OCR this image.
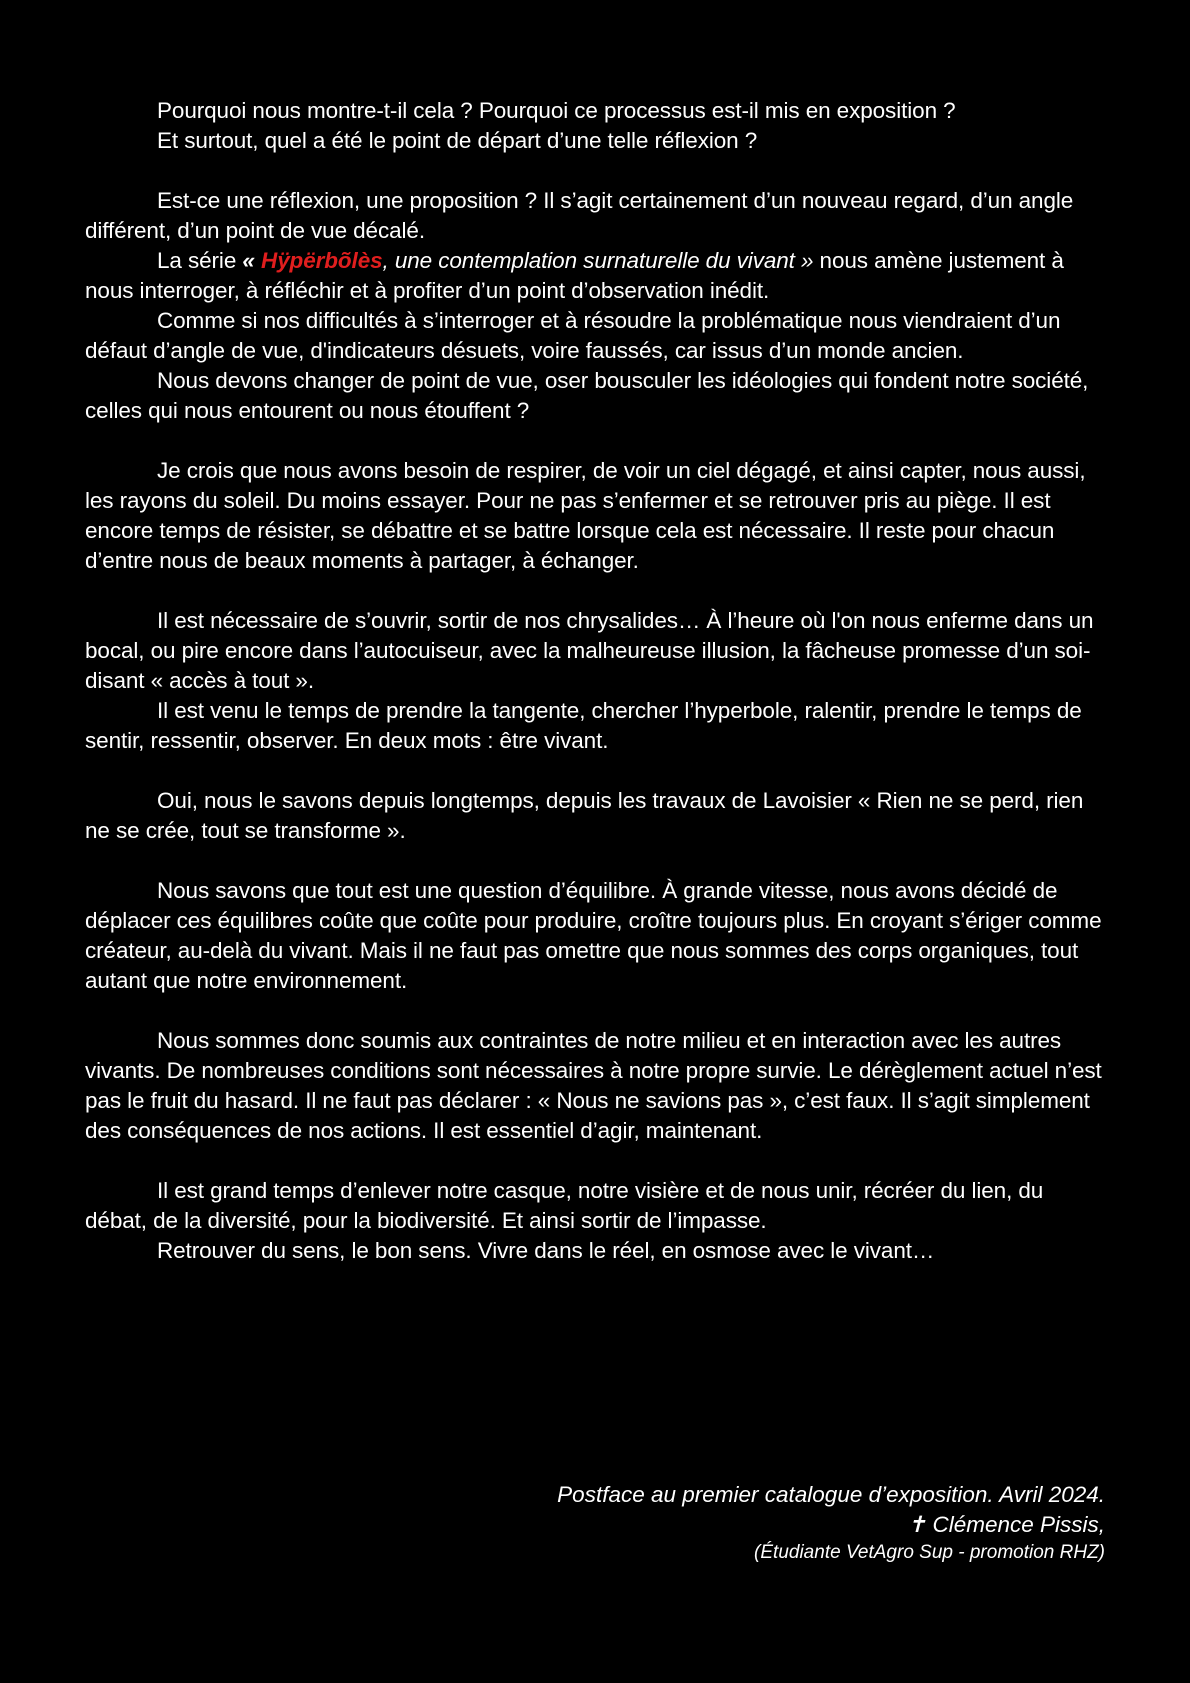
Pourquoi nous montre-t-il cela ? Pourquoi ce processus est-il mis en exposition ?

Et surtout, quel a été le point de départ d’une telle réflexion ?

Est-ce une réflexion, une proposition ? Il s’agit certainement d’un nouveau regard, d’un angle différent, d’un point de vue décalé.

La série « Hÿpërbõlès, une contemplation surnaturelle du vivant » nous amène justement à nous interroger, à réfléchir et à profiter d’un point d’observation inédit.

Comme si nos difficultés à s’interroger et à résoudre la problématique nous viendraient d’un défaut d’angle de vue, d'indicateurs désuets, voire faussés, car issus d’un monde ancien.

Nous devons changer de point de vue, oser bousculer les idéologies qui fondent notre société, celles qui nous entourent ou nous étouffent ?

Je crois que nous avons besoin de respirer, de voir un ciel dégagé, et ainsi capter, nous aussi, les rayons du soleil. Du moins essayer. Pour ne pas s’enfermer et se retrouver pris au piège. Il est encore temps de résister, se débattre et se battre lorsque cela est nécessaire. Il reste pour chacun d’entre nous de beaux moments à partager, à échanger.

Il est nécessaire de s’ouvrir, sortir de nos chrysalides… À l’heure où l'on nous enferme dans un bocal, ou pire encore dans l’autocuiseur, avec la malheureuse illusion, la fâcheuse promesse d’un soi-disant « accès à tout ».

Il est venu le temps de prendre la tangente, chercher l’hyperbole, ralentir, prendre le temps de sentir, ressentir, observer. En deux mots : être vivant.

Oui, nous le savons depuis longtemps, depuis les travaux de Lavoisier « Rien ne se perd, rien ne se crée, tout se transforme ».

Nous savons que tout est une question d’équilibre. À grande vitesse, nous avons décidé de déplacer ces équilibres coûte que coûte pour produire, croître toujours plus. En croyant s’ériger comme créateur, au-delà du vivant. Mais il ne faut pas omettre que nous sommes des corps organiques, tout autant que notre environnement.

Nous sommes donc soumis aux contraintes de notre milieu et en interaction avec les autres vivants. De nombreuses conditions sont nécessaires à notre propre survie. Le dérèglement actuel n’est pas le fruit du hasard. Il ne faut pas déclarer : « Nous ne savions pas », c’est faux. Il s’agit simplement des conséquences de nos actions. Il est essentiel d’agir, maintenant.

Il est grand temps d’enlever notre casque, notre visière et de nous unir, récréer du lien, du débat, de la diversité, pour la biodiversité. Et ainsi sortir de l’impasse.

Retrouver du sens, le bon sens. Vivre dans le réel, en osmose avec le vivant…

Postface au premier catalogue d’exposition. Avril 2024.
✝ Clémence Pissis,
(Étudiante VetAgro Sup - promotion RHZ)
